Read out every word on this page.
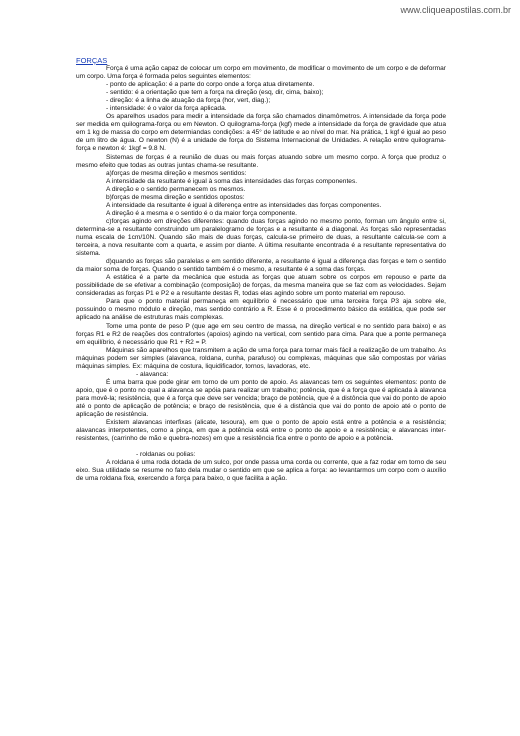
www.cliqueapostilas.com.br

FORÇAS

Força é uma ação capaz de colocar um corpo em movimento, de modificar o movimento de um corpo e de deformar um corpo. Uma força é formada pelos seguintes elementos:

- ponto de aplicação: é a parte do corpo onde a força atua diretamente.

- sentido: é a orientação que tem a força na direção (esq, dir, cima, baixo);

- direção: é a linha de atuação da força (hor, vert, diag.);

- intensidade: é o valor da força aplicada.

Os aparelhos usados para medir a intensidade da força são chamados dinamômetros. A intensidade da força pode ser medida em quilograma-força ou em Newton. O quilograma-força (kgf) mede a intensidade da força de gravidade que atua em 1 kg de massa do corpo em determiandas condições: a 45° de latitude e ao nível do mar. Na prática, 1 kgf é igual ao peso de um litro de água. O newton (N) é a unidade de força do Sistema Internacional de Unidades. A relação entre quilograma-força e newton é: 1kgf = 9.8 N.

Sistemas de forças é a reunião de duas ou mais forças atuando sobre um mesmo corpo. A força que produz o mesmo efeito que todas as outras juntas chama-se resultante.

a)forças de mesma direção e mesmos sentidos:

A intensidade da resultante é igual à soma das intensidades das forças componentes.

A direção e o sentido permanecem os mesmos.

b)forças de mesma direção e sentidos opostos:

A intensidade da resultante é igual à diferença entre as intensidades das forças componentes.

A direção é a mesma e o sentido é o da maior força componente.

c)forças agindo em direções diferentes: quando duas forças agindo no mesmo ponto, forman um ângulo entre si, determina-se a resultante construindo um paralelogramo de forças e a resultante é a diagonal. As forças são representadas numa escala de 1cm/10N. Quando são mais de duas forças, calcula-se primeiro de duas, a resultante calcula-se com a terceira, a nova resultante com a quarta, e assim por diante. A última resultante encontrada é a resultante representativa do sistema.

d)quando as forças são paralelas e em sentido diferente, a resultante é igual a diferença das forças e tem o sentido da maior soma de forças. Quando o sentido também é o mesmo, a resultante é a soma das forças.

A estática é a parte da mecânica que estuda as forças que atuam sobre os corpos em repouso e parte da possibilidade de se efetivar a combinação (composição) de forças, da mesma maneira que se faz com as velocidades. Sejam consideradas as forças P1 e P2 e a resultante destas R, todas elas agindo sobre um ponto material em repouso.

Para que o ponto material permaneça em equilíbrio é necessário que uma terceira força P3 aja sobre ele, possuindo o mesmo módulo e direção, mas sentido contrário a R. Esse é o procedimento básico da estática, que pode ser aplicado na análise de estruturas mais complexas.

Tome uma ponte de peso P (que age em seu centro de massa, na direção vertical e no sentido para baixo) e as forças R1 e R2 de reações dos contrafortes (apoios) agindo na vertical, com sentido para cima. Para que a ponte permaneça em equilíbrio, é necessário que R1 + R2 = P.

Máquinas são aparelhos que transmitem a ação de uma força para tornar mais fácil a realização de um trabalho. As máquinas podem ser simples (alavanca, roldana, cunha, parafuso) ou complexas, máquinas que são compostas por várias máquinas simples. Ex: máquina de costura, liquidificador, tornos, lavadoras, etc.

- alavanca:

É uma barra que pode girar em torno de um ponto de apoio. As alavancas tem os seguintes elementos: ponto de apoio, que é o ponto no qual a alavanca se apóia para realizar um trabalho; potência, que é a força que é aplicada à alavanca para movê-la; resistência, que é a força que deve ser vencida; braço de potência, que é a distôncia que vai do ponto de apoio até o ponto de aplicação de potência; e braço de resistência, que é a distância que vai do ponto de apoio até o ponto de aplicação de resistência.

Existem alavancas interfixas (alicate, tesoura), em que o ponto de apoio está entre a potência e a resistência; alavancas interpotentes, como a pinça, em que a potência está entre o ponto de apoio e a resistência; e alavancas inter-resistentes, (carrinho de mão e quebra-nozes) em que a resistência fica entre o ponto de apoio e a potência.

- roldanas ou polias:

A roldana é uma roda dotada de um sulco, por onde passa uma corda ou corrente, que a faz rodar em torno de seu eixo. Sua utilidade se resume no fato dela mudar o sentido em que se aplica a força: ao levantarmos um corpo com o auxílio de uma roldana fixa, exercendo a força para baixo, o que facilita a ação.
